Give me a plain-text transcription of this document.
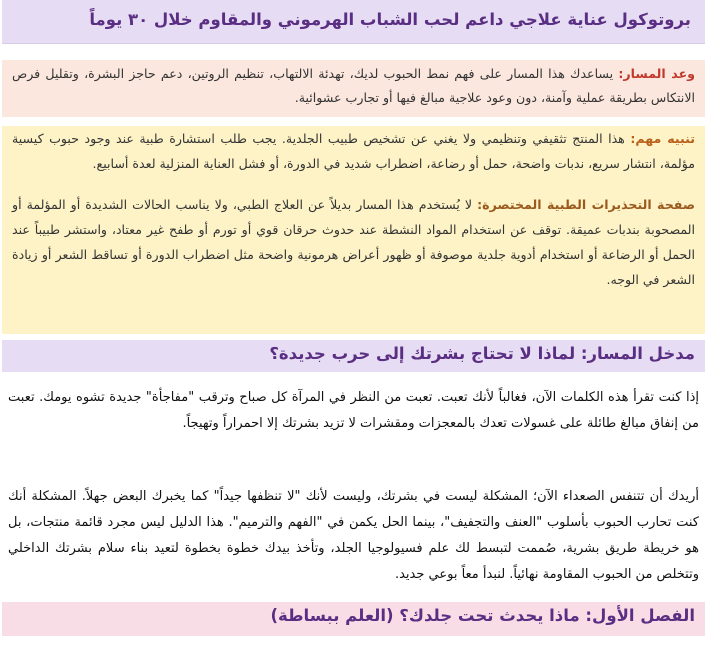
بروتوكول عناية علاجي داعم لحب الشباب الهرموني والمقاوم خلال ٣٠ يوماً
وعد المسار: يساعدك هذا المسار على فهم نمط الحبوب لديك، تهدئة الالتهاب، تنظيم الروتين، دعم حاجز البشرة، وتقليل فرص الانتكاس بطريقة عملية وآمنة، دون وعود علاجية مبالغ فيها أو تجارب عشوائية.

تنبيه مهم: هذا المنتج تثقيفي وتنظيمي ولا يغني عن تشخيص طبيب الجلدية. يجب طلب استشارة طبية عند وجود حبوب كيسية مؤلمة، انتشار سريع، ندبات واضحة، حمل أو رضاعة، اضطراب شديد في الدورة، أو فشل العناية المنزلية لعدة أسابيع.

صفحة التحذيرات الطبية المختصرة: لا يُستخدم هذا المسار بديلاً عن العلاج الطبي، ولا يناسب الحالات الشديدة أو المؤلمة أو المصحوبة بندبات عميقة. توقف عن استخدام المواد النشطة عند حدوث حرقان قوي أو تورم أو طفح غير معتاد، واستشر طبيباً عند الحمل أو الرضاعة أو استخدام أدوية جلدية موصوفة أو ظهور أعراض هرمونية واضحة مثل اضطراب الدورة أو تساقط الشعر أو زيادة الشعر في الوجه.

مدخل المسار: لماذا لا تحتاج بشرتك إلى حرب جديدة؟

إذا كنت تقرأ هذه الكلمات الآن، فغالباً لأنك تعبت. تعبت من النظر في المرآة كل صباح وترقب "مفاجأة" جديدة تشوه يومك. تعبت من إنفاق مبالغ طائلة على غسولات تعدك بالمعجزات ومقشرات لا تزيد بشرتك إلا احمراراً وتهيجاً.

أريدك أن تتنفس الصعداء الآن؛ المشكلة ليست في بشرتك، وليست لأنك "لا تنظفها جيداً" كما يخبرك البعض جهلاً. المشكلة أنك كنت تحارب الحبوب بأسلوب "العنف والتجفيف"، بينما الحل يكمن في "الفهم والترميم". هذا الدليل ليس مجرد قائمة منتجات، بل هو خريطة طريق بشرية، صُممت لتبسط لك علم فسيولوجيا الجلد، وتأخذ بيدك خطوة بخطوة لتعيد بناء سلام بشرتك الداخلي وتتخلص من الحبوب المقاومة نهائياً. لنبدأ معاً بوعي جديد.

الفصل الأول: ماذا يحدث تحت جلدك؟ (العلم ببساطة)
